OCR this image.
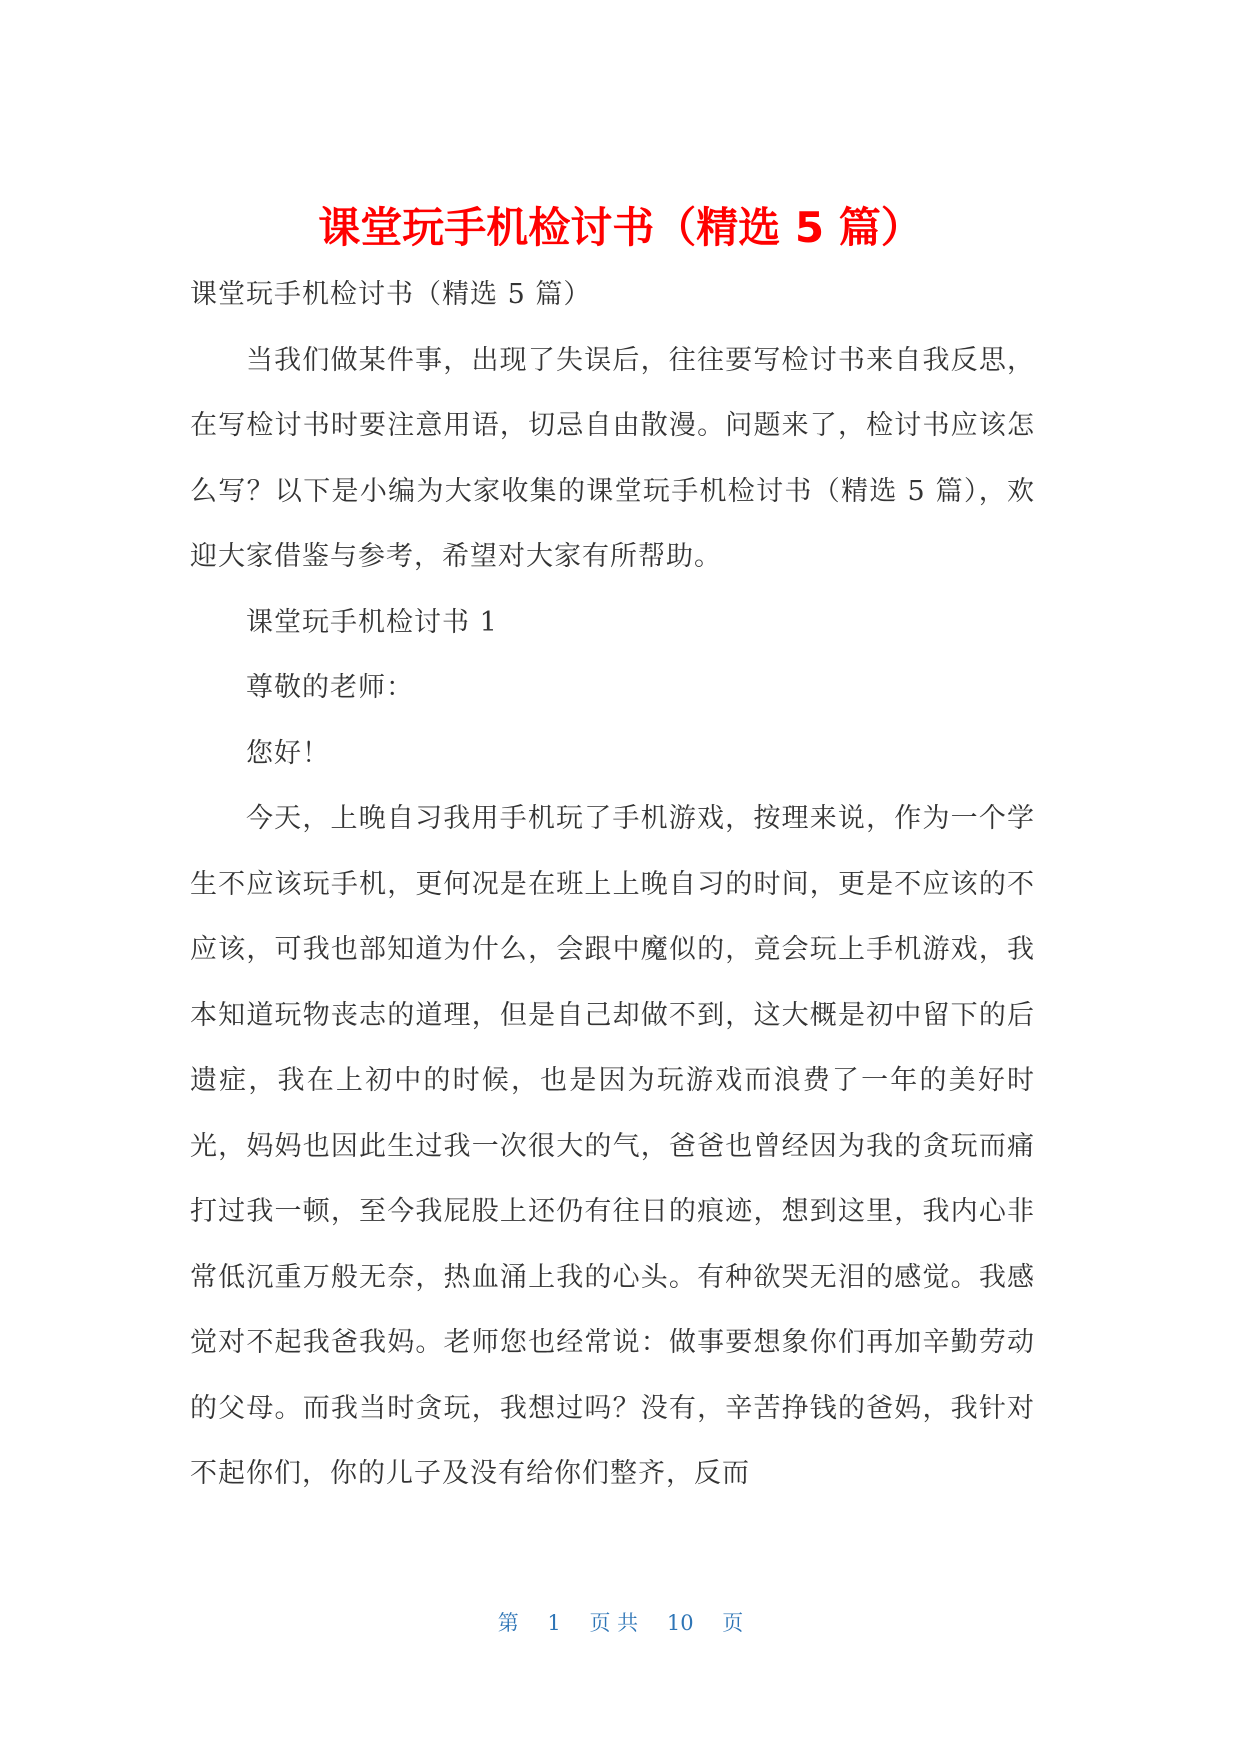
课堂玩手机检讨书（精选 5 篇）

课堂玩手机检讨书（精选 5 篇）

当我们做某件事，出现了失误后，往往要写检讨书来自我反思，在写检讨书时要注意用语，切忌自由散漫。问题来了，检讨书应该怎么写？以下是小编为大家收集的课堂玩手机检讨书（精选 5 篇），欢迎大家借鉴与参考，希望对大家有所帮助。

课堂玩手机检讨书 1

尊敬的老师：

您好！

今天，上晚自习我用手机玩了手机游戏，按理来说，作为一个学生不应该玩手机，更何况是在班上上晚自习的时间，更是不应该的不应该，可我也部知道为什么，会跟中魔似的，竟会玩上手机游戏，我本知道玩物丧志的道理，但是自己却做不到，这大概是初中留下的后遗症，我在上初中的时候，也是因为玩游戏而浪费了一年的美好时光，妈妈也因此生过我一次很大的气，爸爸也曾经因为我的贪玩而痛打过我一顿，至今我屁股上还仍有往日的痕迹，想到这里，我内心非常低沉重万般无奈，热血涌上我的心头。有种欲哭无泪的感觉。我感觉对不起我爸我妈。老师您也经常说：做事要想象你们再加辛勤劳动的父母。而我当时贪玩，我想过吗？没有，辛苦挣钱的爸妈，我针对不起你们，你的儿子及没有给你们整齐，反而

第 1 页 共 10 页
